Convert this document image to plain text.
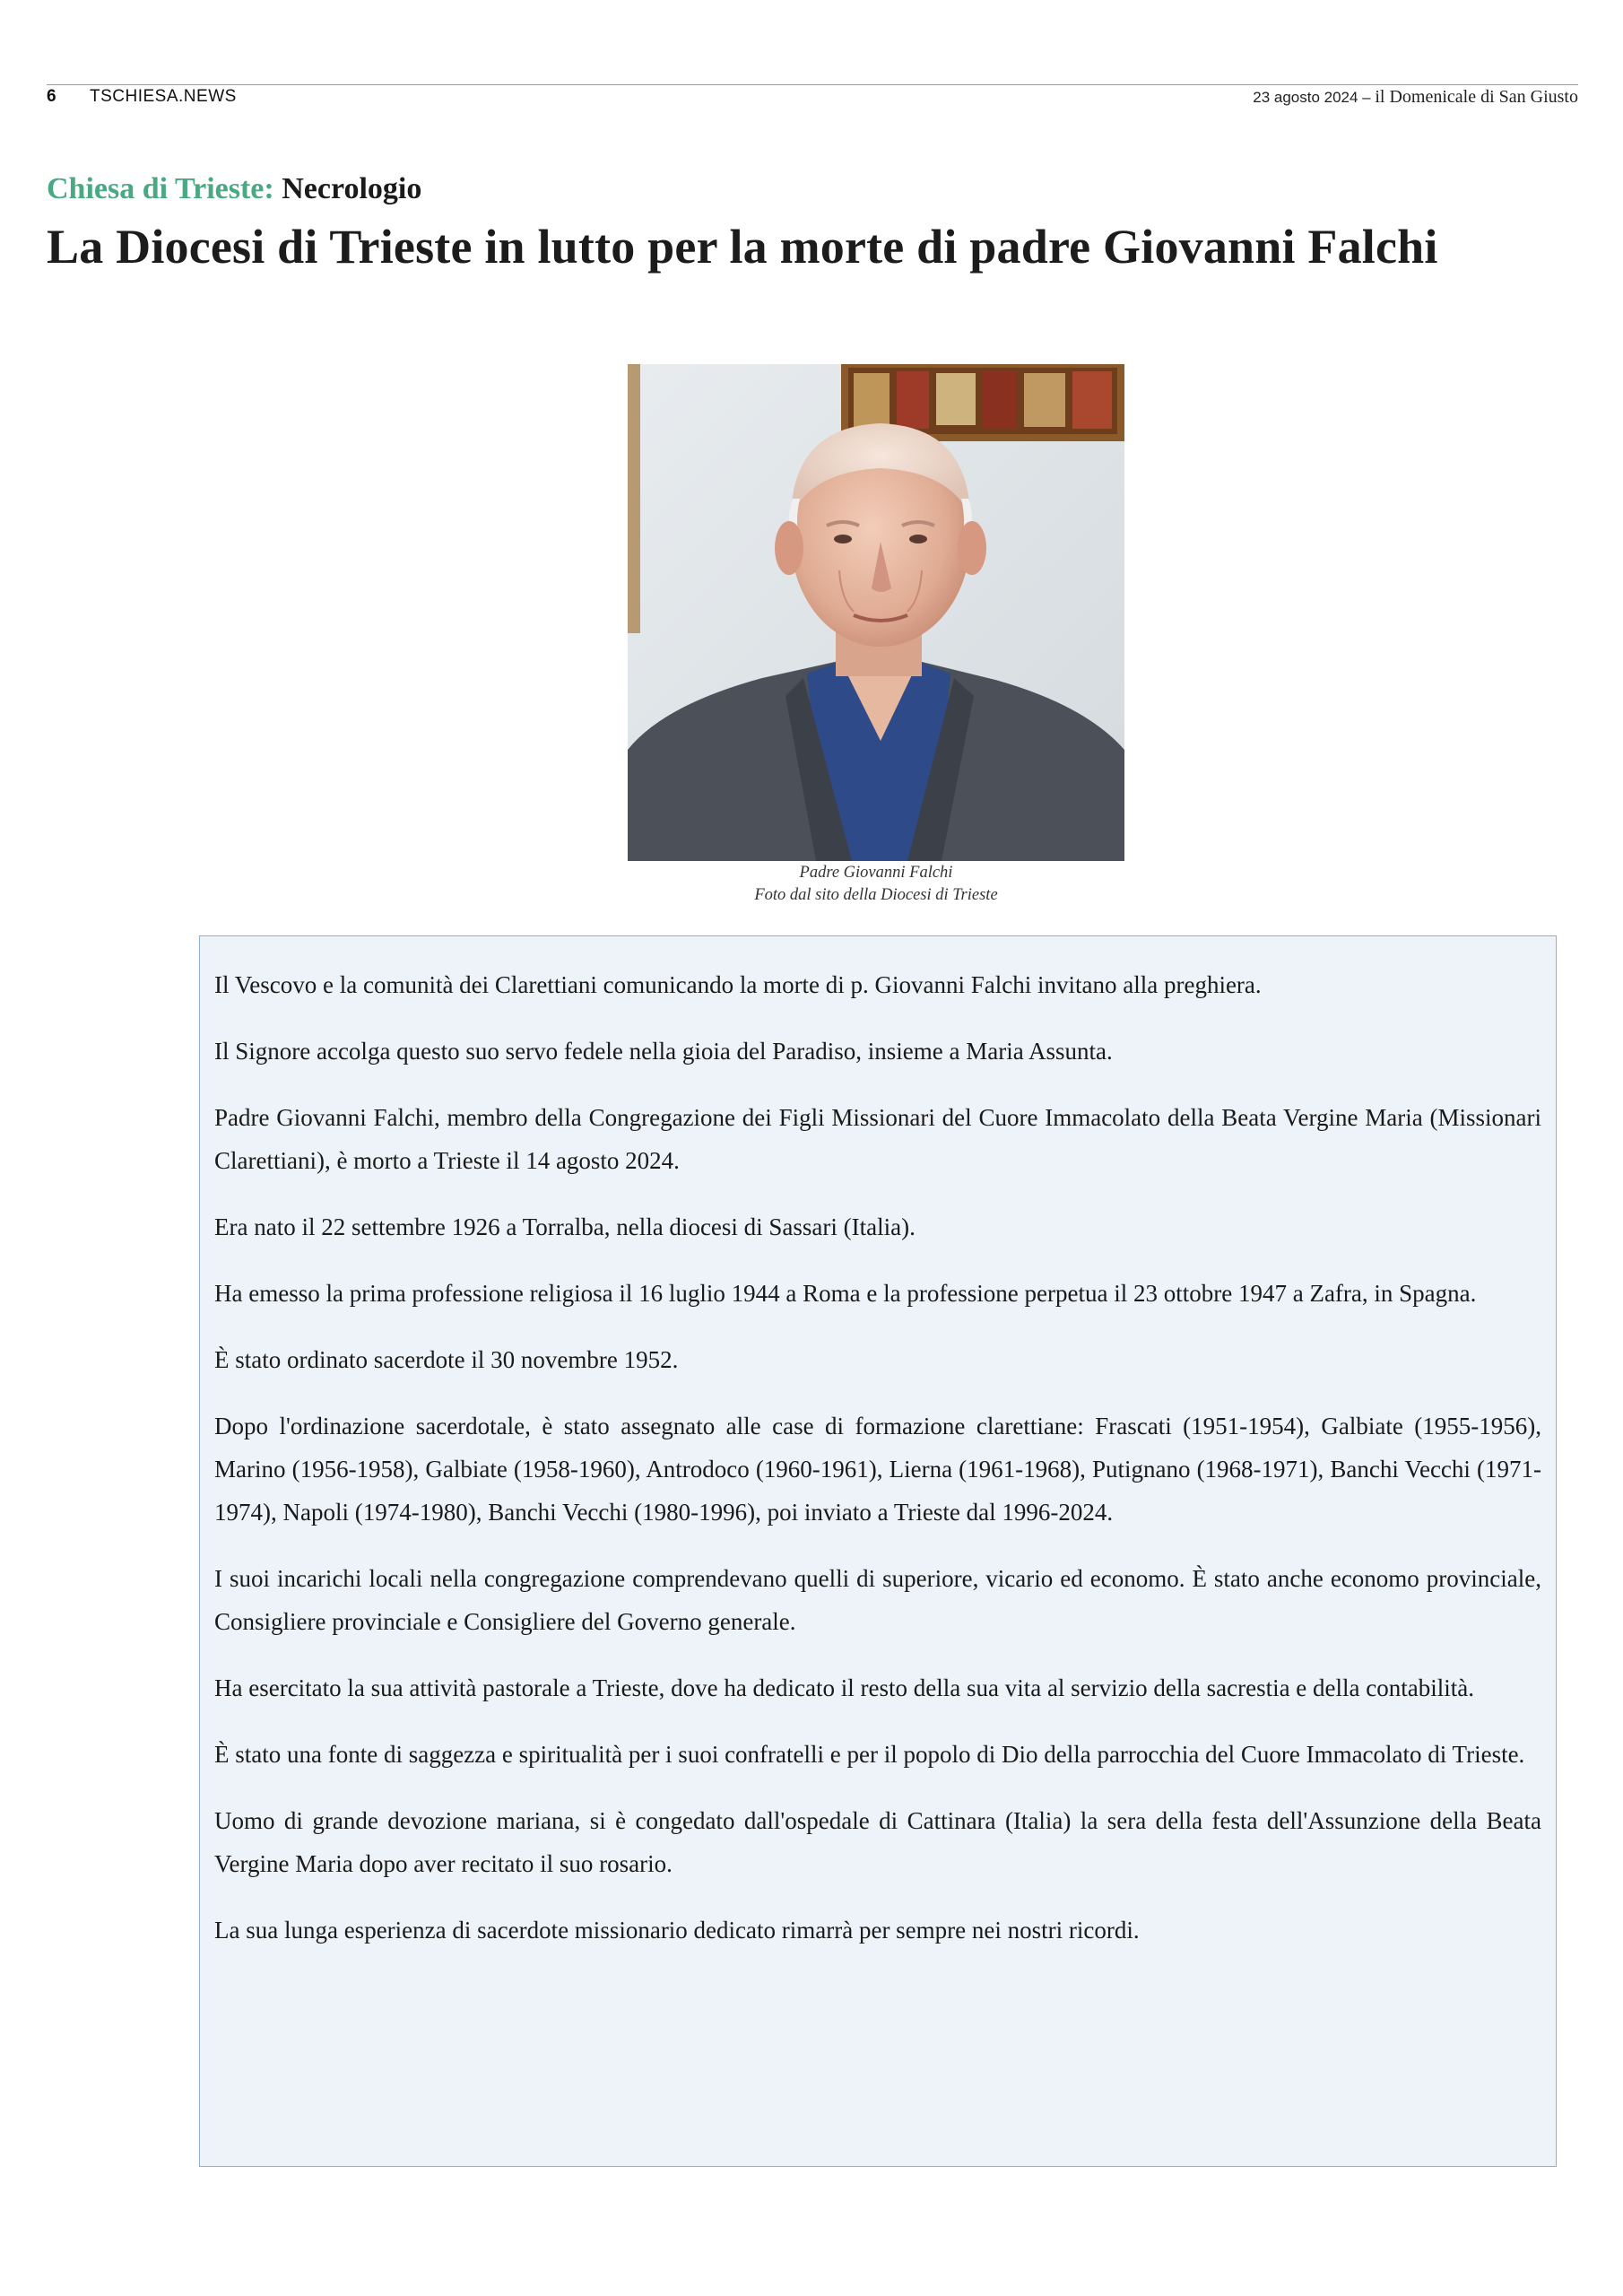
6 TSCHIESA.NEWS	23 agosto 2024 – il Domenicale di San Giusto
Chiesa di Trieste: Necrologio
La Diocesi di Trieste in lutto per la morte di padre Giovanni Falchi
Padre Giovanni Falchi
Foto dal sito della Diocesi di Trieste

Il Vescovo e la comunità dei Clarettiani comunicando la morte di p. Giovanni Falchi invitano alla preghiera.

Il Signore accolga questo suo servo fedele nella gioia del Paradiso, insieme a Maria Assunta.

Padre Giovanni Falchi, membro della Congregazione dei Figli Missionari del Cuore Immacolato della Beata Vergine Maria (Missionari Clarettiani), è morto a Trieste il 14 agosto 2024.

Era nato il 22 settembre 1926 a Torralba, nella diocesi di Sassari (Italia).

Ha emesso la prima professione religiosa il 16 luglio 1944 a Roma e la professione perpetua il 23 ottobre 1947 a Zafra, in Spagna.

È stato ordinato sacerdote il 30 novembre 1952.

Dopo l'ordinazione sacerdotale, è stato assegnato alle case di formazione clarettiane: Frascati (1951-1954), Galbiate (1955-1956), Marino (1956-1958), Galbiate (1958-1960), Antrodoco (1960-1961), Lierna (1961-1968), Putignano (1968-1971), Banchi Vecchi (1971-1974), Napoli (1974-1980), Banchi Vecchi (1980-1996), poi inviato a Trieste dal 1996-2024.

I suoi incarichi locali nella congregazione comprendevano quelli di superiore, vicario ed economo. È stato anche economo provinciale, Consigliere provinciale e Consigliere del Governo generale.

Ha esercitato la sua attività pastorale a Trieste, dove ha dedicato il resto della sua vita al servizio della sacrestia e della contabilità.

È stato una fonte di saggezza e spiritualità per i suoi confratelli e per il popolo di Dio della parrocchia del Cuore Immacolato di Trieste.

Uomo di grande devozione mariana, si è congedato dall'ospedale di Cattinara (Italia) la sera della festa dell'Assunzione della Beata Vergine Maria dopo aver recitato il suo rosario.

La sua lunga esperienza di sacerdote missionario dedicato rimarrà per sempre nei nostri ricordi.
